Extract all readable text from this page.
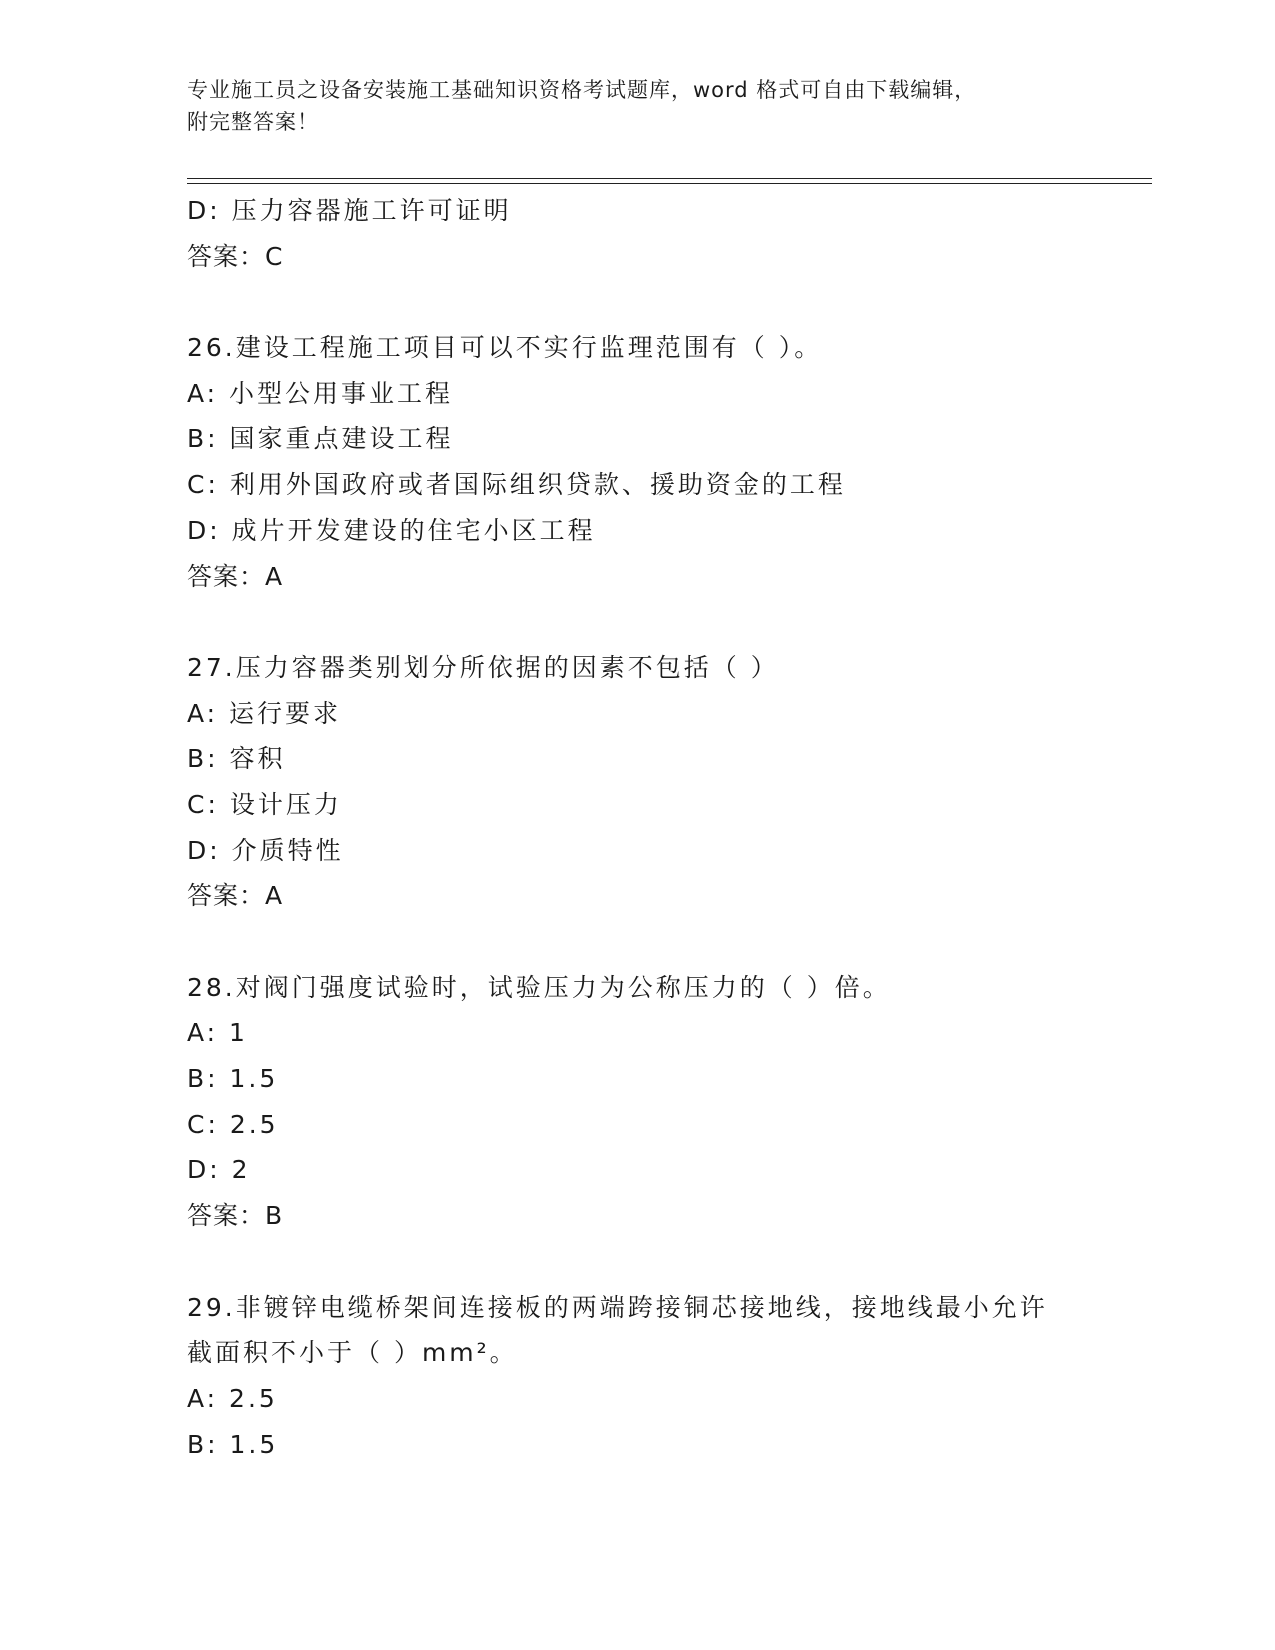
专业施工员之设备安装施工基础知识资格考试题库，word 格式可自由下载编辑，
附完整答案！
D: 压力容器施工许可证明
答案：C
26.建设工程施工项目可以不实行监理范围有（ ）。
A: 小型公用事业工程
B: 国家重点建设工程
C: 利用外国政府或者国际组织贷款、援助资金的工程
D: 成片开发建设的住宅小区工程
答案：A
27.压力容器类别划分所依据的因素不包括（ ）
A: 运行要求
B: 容积
C: 设计压力
D: 介质特性
答案：A
28.对阀门强度试验时，试验压力为公称压力的（ ）倍。
A: 1
B: 1.5
C: 2.5
D: 2
答案：B
29.非镀锌电缆桥架间连接板的两端跨接铜芯接地线，接地线最小允许
截面积不小于（ ）mm²。
A: 2.5
B: 1.5
